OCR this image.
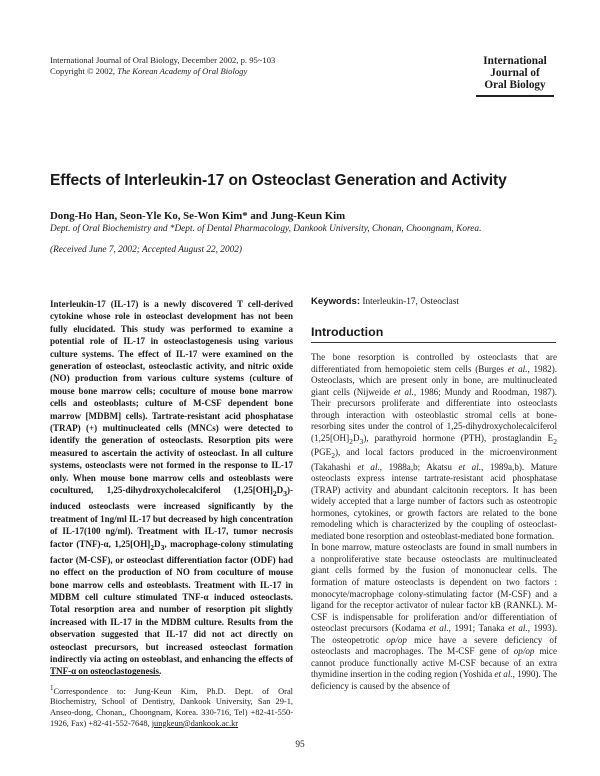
International Journal of Oral Biology, December 2002, p. 95~103
Copyright © 2002, The Korean Academy of Oral Biology
International
Journal of
Oral Biology
Effects of Interleukin-17 on Osteoclast Generation and Activity
Dong-Ho Han, Seon-Yle Ko, Se-Won Kim* and Jung-Keun Kim
Dept. of Oral Biochemistry and *Dept. of Dental Pharmacology, Dankook University, Chonan, Choongnam, Korea.
(Received June 7, 2002; Accepted August 22, 2002)
Interleukin-17 (IL-17) is a newly discovered T cell-derived cytokine whose role in osteoclast development has not been fully elucidated. This study was performed to examine a potential role of IL-17 in osteoclastogenesis using various culture systems. The effect of IL-17 were examined on the generation of osteoclast, osteoclastic activity, and nitric oxide (NO) production from various culture systems (culture of mouse bone marrow cells; coculture of mouse bone marrow cells and osteoblasts; culture of M-CSF dependent bone marrow [MDBM] cells). Tartrate-resistant acid phosphatase (TRAP) (+) multinucleated cells (MNCs) were detected to identify the generation of osteoclasts. Resorption pits were measured to ascertain the activity of osteoclast. In all culture systems, osteoclasts were not formed in the response to IL-17 only. When mouse bone marrow cells and osteoblasts were cocultured, 1,25-dihydroxycholecalciferol $(1,25[OH]_2D_3)$-induced osteoclasts were increased significantly by the treatment of 1ng/ml IL-17 but decreased by high concentration of IL-17(100 ng/ml). Treatment with IL-17, tumor necrosis factor (TNF)-α, $1,25[OH]_2D_3$, macrophage-colony stimulating factor (M-CSF), or osteoclast differentiation factor (ODF) had no effect on the production of NO from coculture of mouse bone marrow cells and osteoblasts. Treatment with IL-17 in MDBM cell culture stimulated TNF-α induced osteoclasts. Total resorption area and number of resorption pit slightly increased with IL-17 in the MDBM culture. Results from the observation suggested that IL-17 did not act directly on osteoclast precursors, but increased osteoclast formation indirectly via acting on osteoblast, and enhancing the effects of TNF-α on osteoclastogenesis.
Keywords: Interleukin-17, Osteoclast
Introduction

The bone resorption is controlled by osteoclasts that are differentiated from hemopoietic stem cells (Burges et al., 1982). Osteoclasts, which are present only in bone, are multinucleated giant cells (Nijweide et al., 1986; Mundy and Roodman, 1987). Their precursors proliferate and differentiate into osteoclasts through interaction with osteoblastic stromal cells at bone-resorbing sites under the control of 1,25-dihydroxycholecalciferol $(1,25[OH]_2D_3)$, parathyroid hormone (PTH), prostaglandin $E_2$ $(PGE_2)$, and local factors produced in the microenvironment (Takahashi et al., 1988a,b; Akatsu et al., 1989a,b). Mature osteoclasts express intense tartrate-resistant acid phosphatase (TRAP) activity and abundant calcitonin receptors. It has been widely accepted that a large number of factors such as osteotropic hormones, cytokines, or growth factors are related to the bone remodeling which is characterized by the coupling of osteoclast-mediated bone resorption and osteoblast-mediated bone formation.

In bone marrow, mature osteoclasts are found in small numbers in a nonproliferative state because osteoclasts are multinucleated giant cells formed by the fusion of mononuclear cells. The formation of mature osteoclasts is dependent on two factors : monocyte/macrophage colony-stimulating factor (M-CSF) and a ligand for the receptor activator of nulear factor kB (RANKL). M-CSF is indispensable for proliferation and/or differentiation of osteoclast precursors (Kodama et al., 1991; Tanaka et al., 1993). The osteopetrotic op/op mice have a severe deficiency of osteoclasts and macrophages. The M-CSF gene of op/op mice cannot produce functionally active M-CSF because of an extra thymidine insertion in the coding region (Yoshida et al., 1990). The deficiency is caused by the absence of

$^1$Correspondence to: Jung-Keun Kim, Ph.D. Dept. of Oral Biochemistry, School of Dentistry, Dankook University, San 29-1, Anseo-dong, Chonan,, Choongnam, Korea. 330-716, Tel) +82-41-550-1926, Fax) +82-41-552-7648, jungkeun@dankook.ac.kr
95
